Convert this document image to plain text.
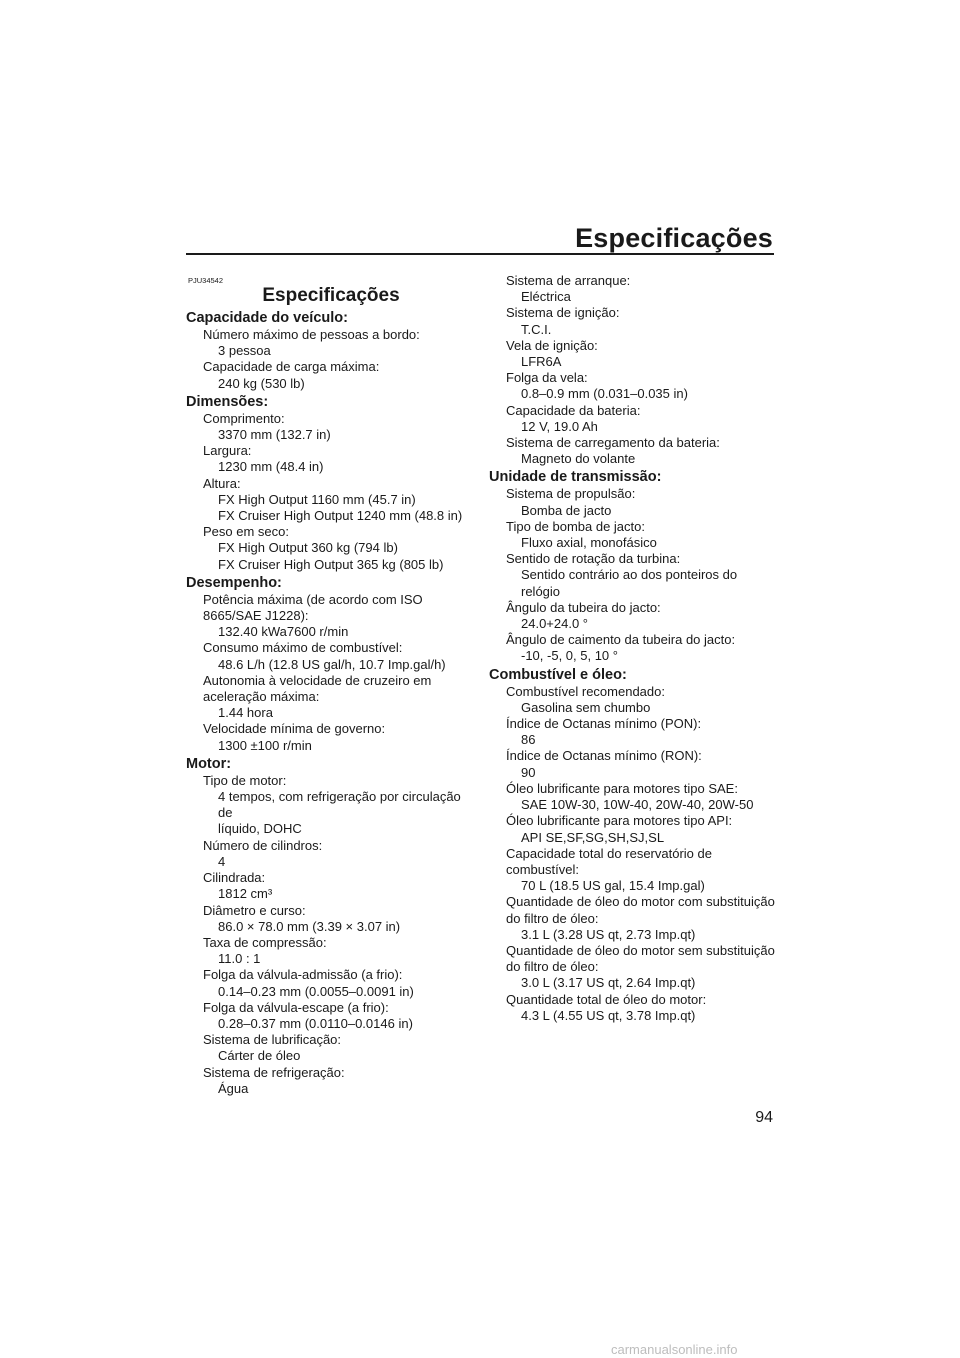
Especificações
PJU34542
Especificações
Capacidade do veículo:
Número máximo de pessoas a bordo:
3 pessoa
Capacidade de carga máxima:
240 kg (530 lb)
Dimensões:
Comprimento:
3370 mm (132.7 in)
Largura:
1230 mm (48.4 in)
Altura:
FX High Output 1160 mm (45.7 in)
FX Cruiser High Output 1240 mm (48.8 in)
Peso em seco:
FX High Output 360 kg (794 lb)
FX Cruiser High Output 365 kg (805 lb)
Desempenho:
Potência máxima (de acordo com ISO
8665/SAE J1228):
132.40 kWa7600 r/min
Consumo máximo de combustível:
48.6 L/h (12.8 US gal/h, 10.7 Imp.gal/h)
Autonomia à velocidade de cruzeiro em
aceleração máxima:
1.44 hora
Velocidade mínima de governo:
1300 ±100 r/min
Motor:
Tipo de motor:
4 tempos, com refrigeração por circulação de
líquido, DOHC
Número de cilindros:
4
Cilindrada:
1812 cm³
Diâmetro e curso:
86.0 × 78.0 mm (3.39 × 3.07 in)
Taxa de compressão:
11.0 : 1
Folga da válvula-admissão (a frio):
0.14–0.23 mm (0.0055–0.0091 in)
Folga da válvula-escape (a frio):
0.28–0.37 mm (0.0110–0.0146 in)
Sistema de lubrificação:
Cárter de óleo
Sistema de refrigeração:
Água
Sistema de arranque:
Eléctrica
Sistema de ignição:
T.C.I.
Vela de ignição:
LFR6A
Folga da vela:
0.8–0.9 mm (0.031–0.035 in)
Capacidade da bateria:
12 V, 19.0 Ah
Sistema de carregamento da bateria:
Magneto do volante
Unidade de transmissão:
Sistema de propulsão:
Bomba de jacto
Tipo de bomba de jacto:
Fluxo axial, monofásico
Sentido de rotação da turbina:
Sentido contrário ao dos ponteiros do relógio
Ângulo da tubeira do jacto:
24.0+24.0 °
Ângulo de caimento da tubeira do jacto:
-10, -5, 0, 5, 10 °
Combustível e óleo:
Combustível recomendado:
Gasolina sem chumbo
Índice de Octanas mínimo (PON):
86
Índice de Octanas mínimo (RON):
90
Óleo lubrificante para motores tipo SAE:
SAE 10W-30, 10W-40, 20W-40, 20W-50
Óleo lubrificante para motores tipo API:
API SE,SF,SG,SH,SJ,SL
Capacidade total do reservatório de
combustível:
70 L (18.5 US gal, 15.4 Imp.gal)
Quantidade de óleo do motor com substituição
do filtro de óleo:
3.1 L (3.28 US qt, 2.73 Imp.qt)
Quantidade de óleo do motor sem substituição
do filtro de óleo:
3.0 L (3.17 US qt, 2.64 Imp.qt)
Quantidade total de óleo do motor:
4.3 L (4.55 US qt, 3.78 Imp.qt)
94
carmanualsonline.info
